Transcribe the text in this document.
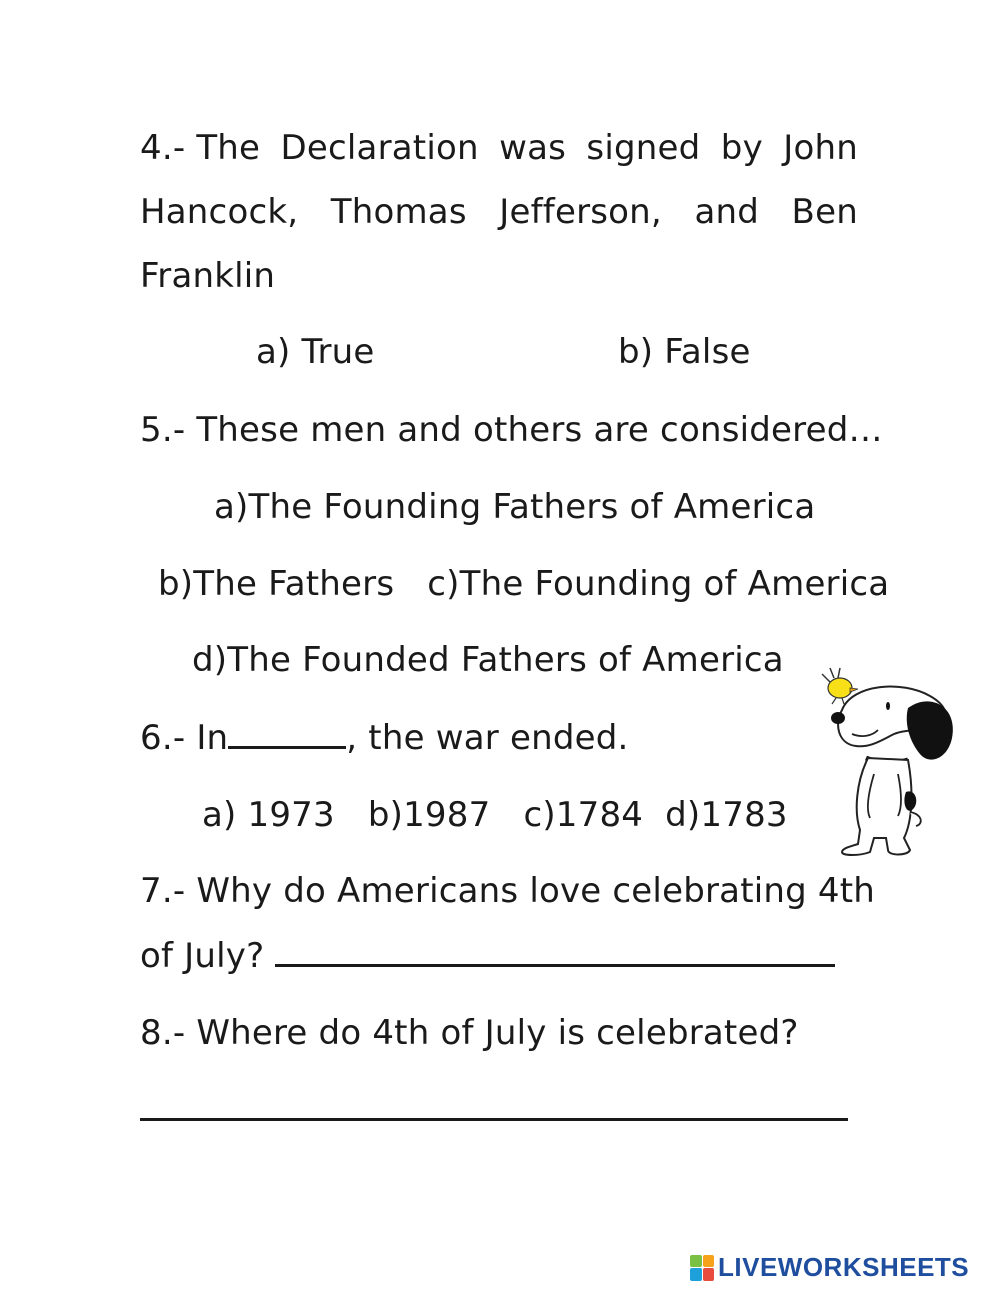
4.- The Declaration was signed by John
Hancock, Thomas Jefferson, and Ben
Franklin
a) True	b) False
5.- These men and others are considered…
a)The Founding Fathers of America
b)The Fathers   c)The Founding of America
d)The Founded Fathers of America
6.- In	, the war ended.
a) 1973   b)1987   c)1784  d)1783
7.- Why do Americans love celebrating 4th
of July?
8.- Where do 4th of July is celebrated?
LIVEWORKSHEETS
